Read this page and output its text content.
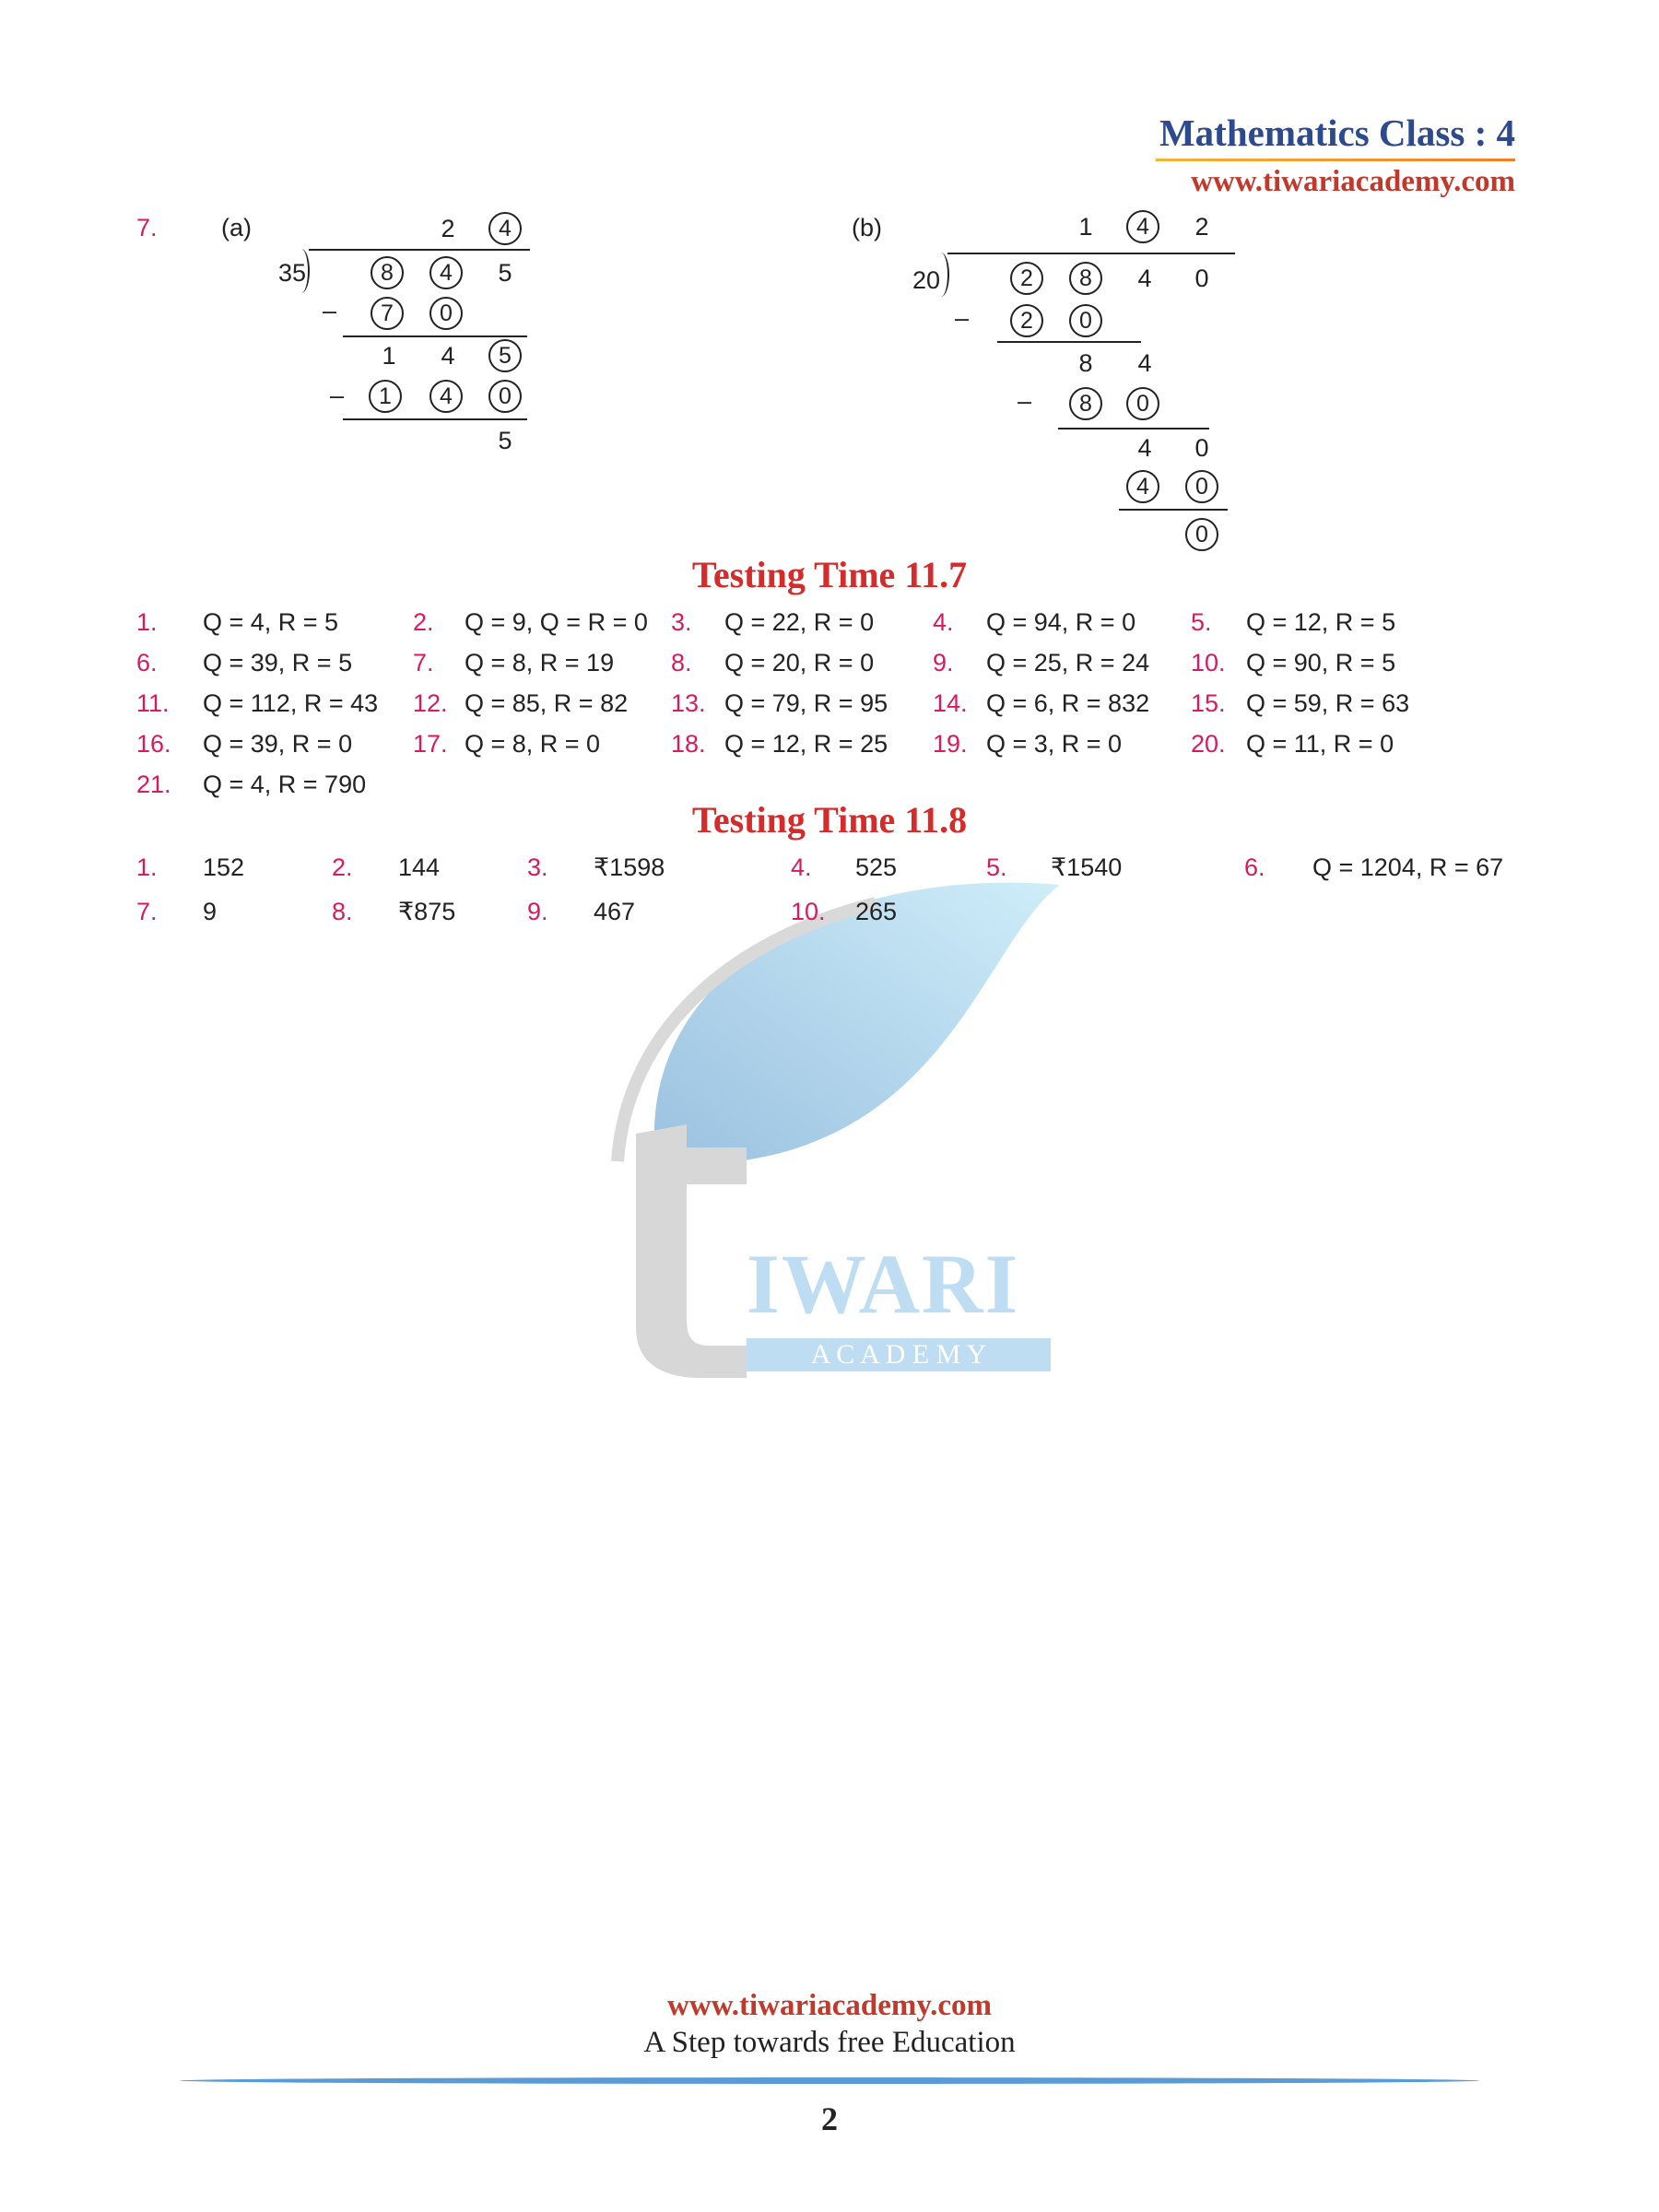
IWARI
A C A D E M Y
Mathematics Class : 4
www.tiwariacademy.com
7.	(a)	2	4
35	8	4	5
–	7	0
1	4	5
–	1	4	0
5
(b)	1	4	2
20	2	8	4	0
–	2	0
8	4
–	8	0
4	0
4	0
0
Testing Time 11.7
1. Q = 4, R = 5	2. Q = 9, Q = R = 0 3. Q = 22, R = 0 4. Q = 94, R = 0 5. Q = 12, R = 5
6. Q = 39, R = 5 7. Q = 8, R = 19 8. Q = 20, R = 0 9. Q = 25, R = 24 10. Q = 90, R = 5
11. Q = 112, R = 43 12. Q = 85, R = 82 13. Q = 79, R = 95 14. Q = 6, R = 832 15. Q = 59, R = 63
16. Q = 39, R = 0 17. Q = 8, R = 0	18. Q = 12, R = 25 19. Q = 3, R = 0	20. Q = 11, R = 0
21. Q = 4, R = 790
Testing Time 11.8
1. 152	2. 144	3. ₹1598	4. 525	5. ₹1540	6. Q = 1204, R = 67
7. 9	8. ₹875	9. 467	10. 265
www.tiwariacademy.com
A Step towards free Education
2
